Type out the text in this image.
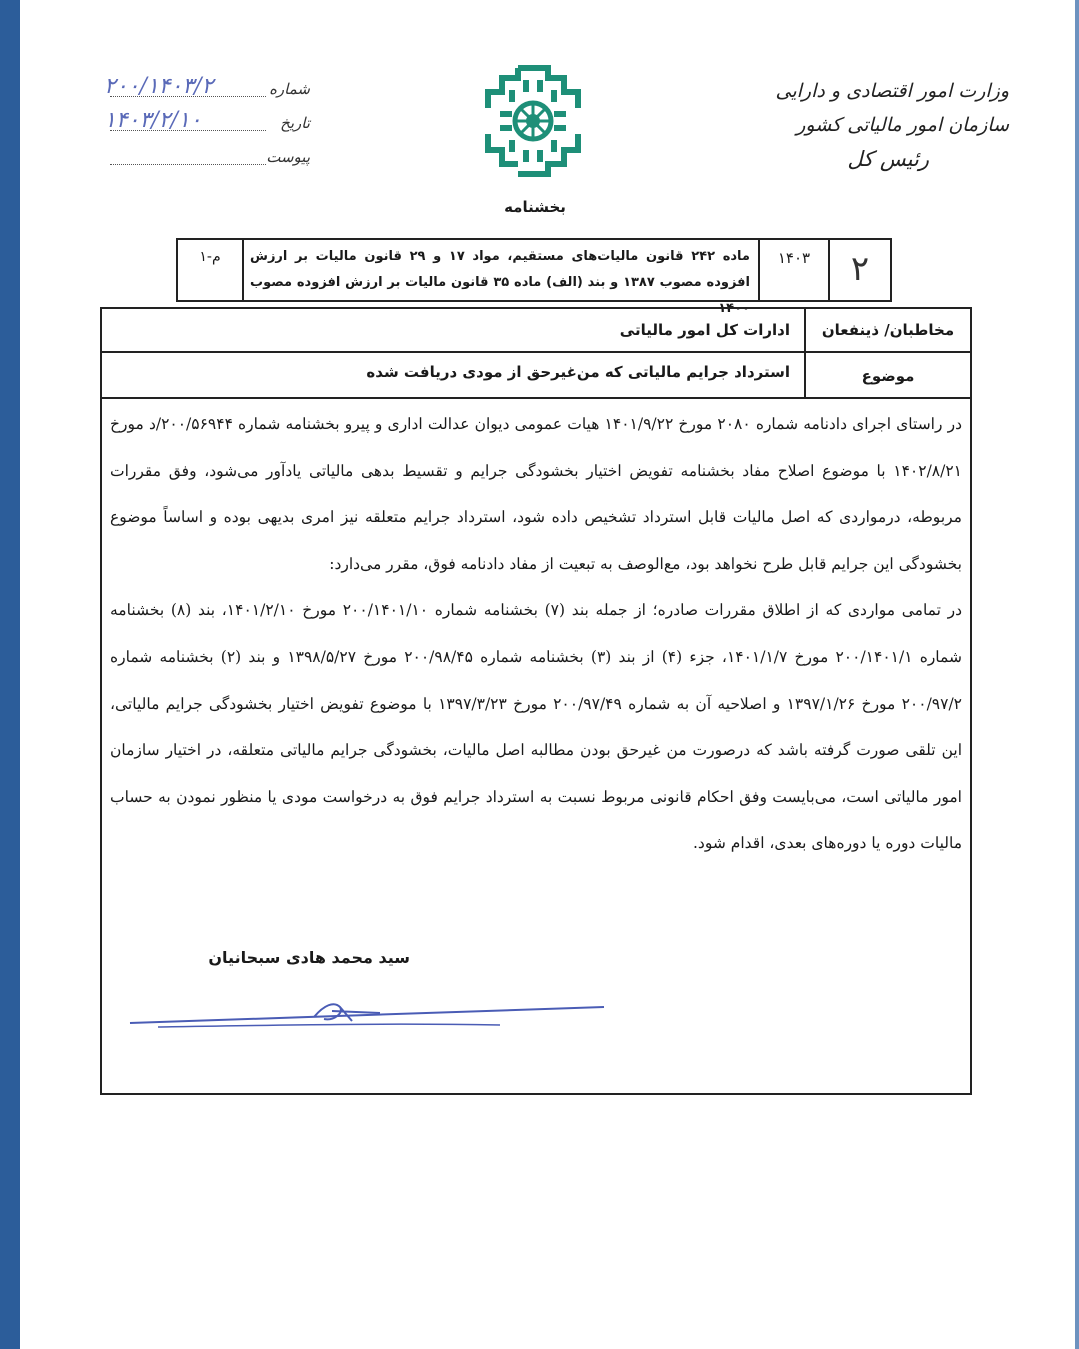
وزارت امور اقتصادی و دارایی
سازمان امور مالیاتی کشور
رئیس کل
بخشنامه
شماره
۲۰۰/۱۴۰۳/۲
تاریخ
۱۴۰۳/۲/۱۰
پیوست
۲
۱۴۰۳
ماده ۲۴۲ قانون مالیات‌های مستقیم، مواد ۱۷ و ۲۹ قانون مالیات بر ارزش افزوده مصوب ۱۳۸۷ و بند (الف) ماده ۳۵ قانون مالیات بر ارزش افزوده مصوب ۱۴۰۰
م-۱
مخاطبان/ ذینفعان
ادارات کل امور مالیاتی
موضوع
استرداد جرایم مالیاتی که من‌غیرحق از مودی دریافت شده

در راستای اجرای دادنامه شماره ۲۰۸۰ مورخ ۱۴۰۱/۹/۲۲ هیات عمومی دیوان عدالت اداری و پیرو بخشنامه شماره ۲۰۰/۵۶۹۴۴/د مورخ ۱۴۰۲/۸/۲۱ با موضوع اصلاح مفاد بخشنامه تفویض اختیار بخشودگی جرایم و تقسیط بدهی مالیاتی یادآور می‌شود، وفق مقررات مربوطه، درمواردی که اصل مالیات قابل استرداد تشخیص داده شود، استرداد جرایم متعلقه نیز امری بدیهی بوده و اساساً موضوع بخشودگی این جرایم قابل طرح نخواهد بود، مع‌الوصف به تبعیت از مفاد دادنامه فوق، مقرر می‌دارد:

در تمامی مواردی که از اطلاق مقررات صادره؛ از جمله بند (۷) بخشنامه شماره ۲۰۰/۱۴۰۱/۱۰ مورخ ۱۴۰۱/۲/۱۰، بند (۸) بخشنامه شماره ۲۰۰/۱۴۰۱/۱ مورخ ۱۴۰۱/۱/۷، جزء (۴) از بند (۳) بخشنامه شماره ۲۰۰/۹۸/۴۵ مورخ ۱۳۹۸/۵/۲۷ و بند (۲) بخشنامه شماره ۲۰۰/۹۷/۲ مورخ ۱۳۹۷/۱/۲۶ و اصلاحیه آن به شماره ۲۰۰/۹۷/۴۹ مورخ ۱۳۹۷/۳/۲۳ با موضوع تفویض اختیار بخشودگی جرایم مالیاتی، این تلقی صورت گرفته باشد که درصورت من غیرحق بودن مطالبه اصل مالیات، بخشودگی جرایم مالیاتی متعلقه، در اختیار سازمان امور مالیاتی است، می‌بایست وفق احکام قانونی مربوط نسبت به استرداد جرایم فوق به درخواست مودی یا منظور نمودن به حساب مالیات دوره یا دوره‌های بعدی، اقدام شود.

سید محمد هادی سبحانیان
